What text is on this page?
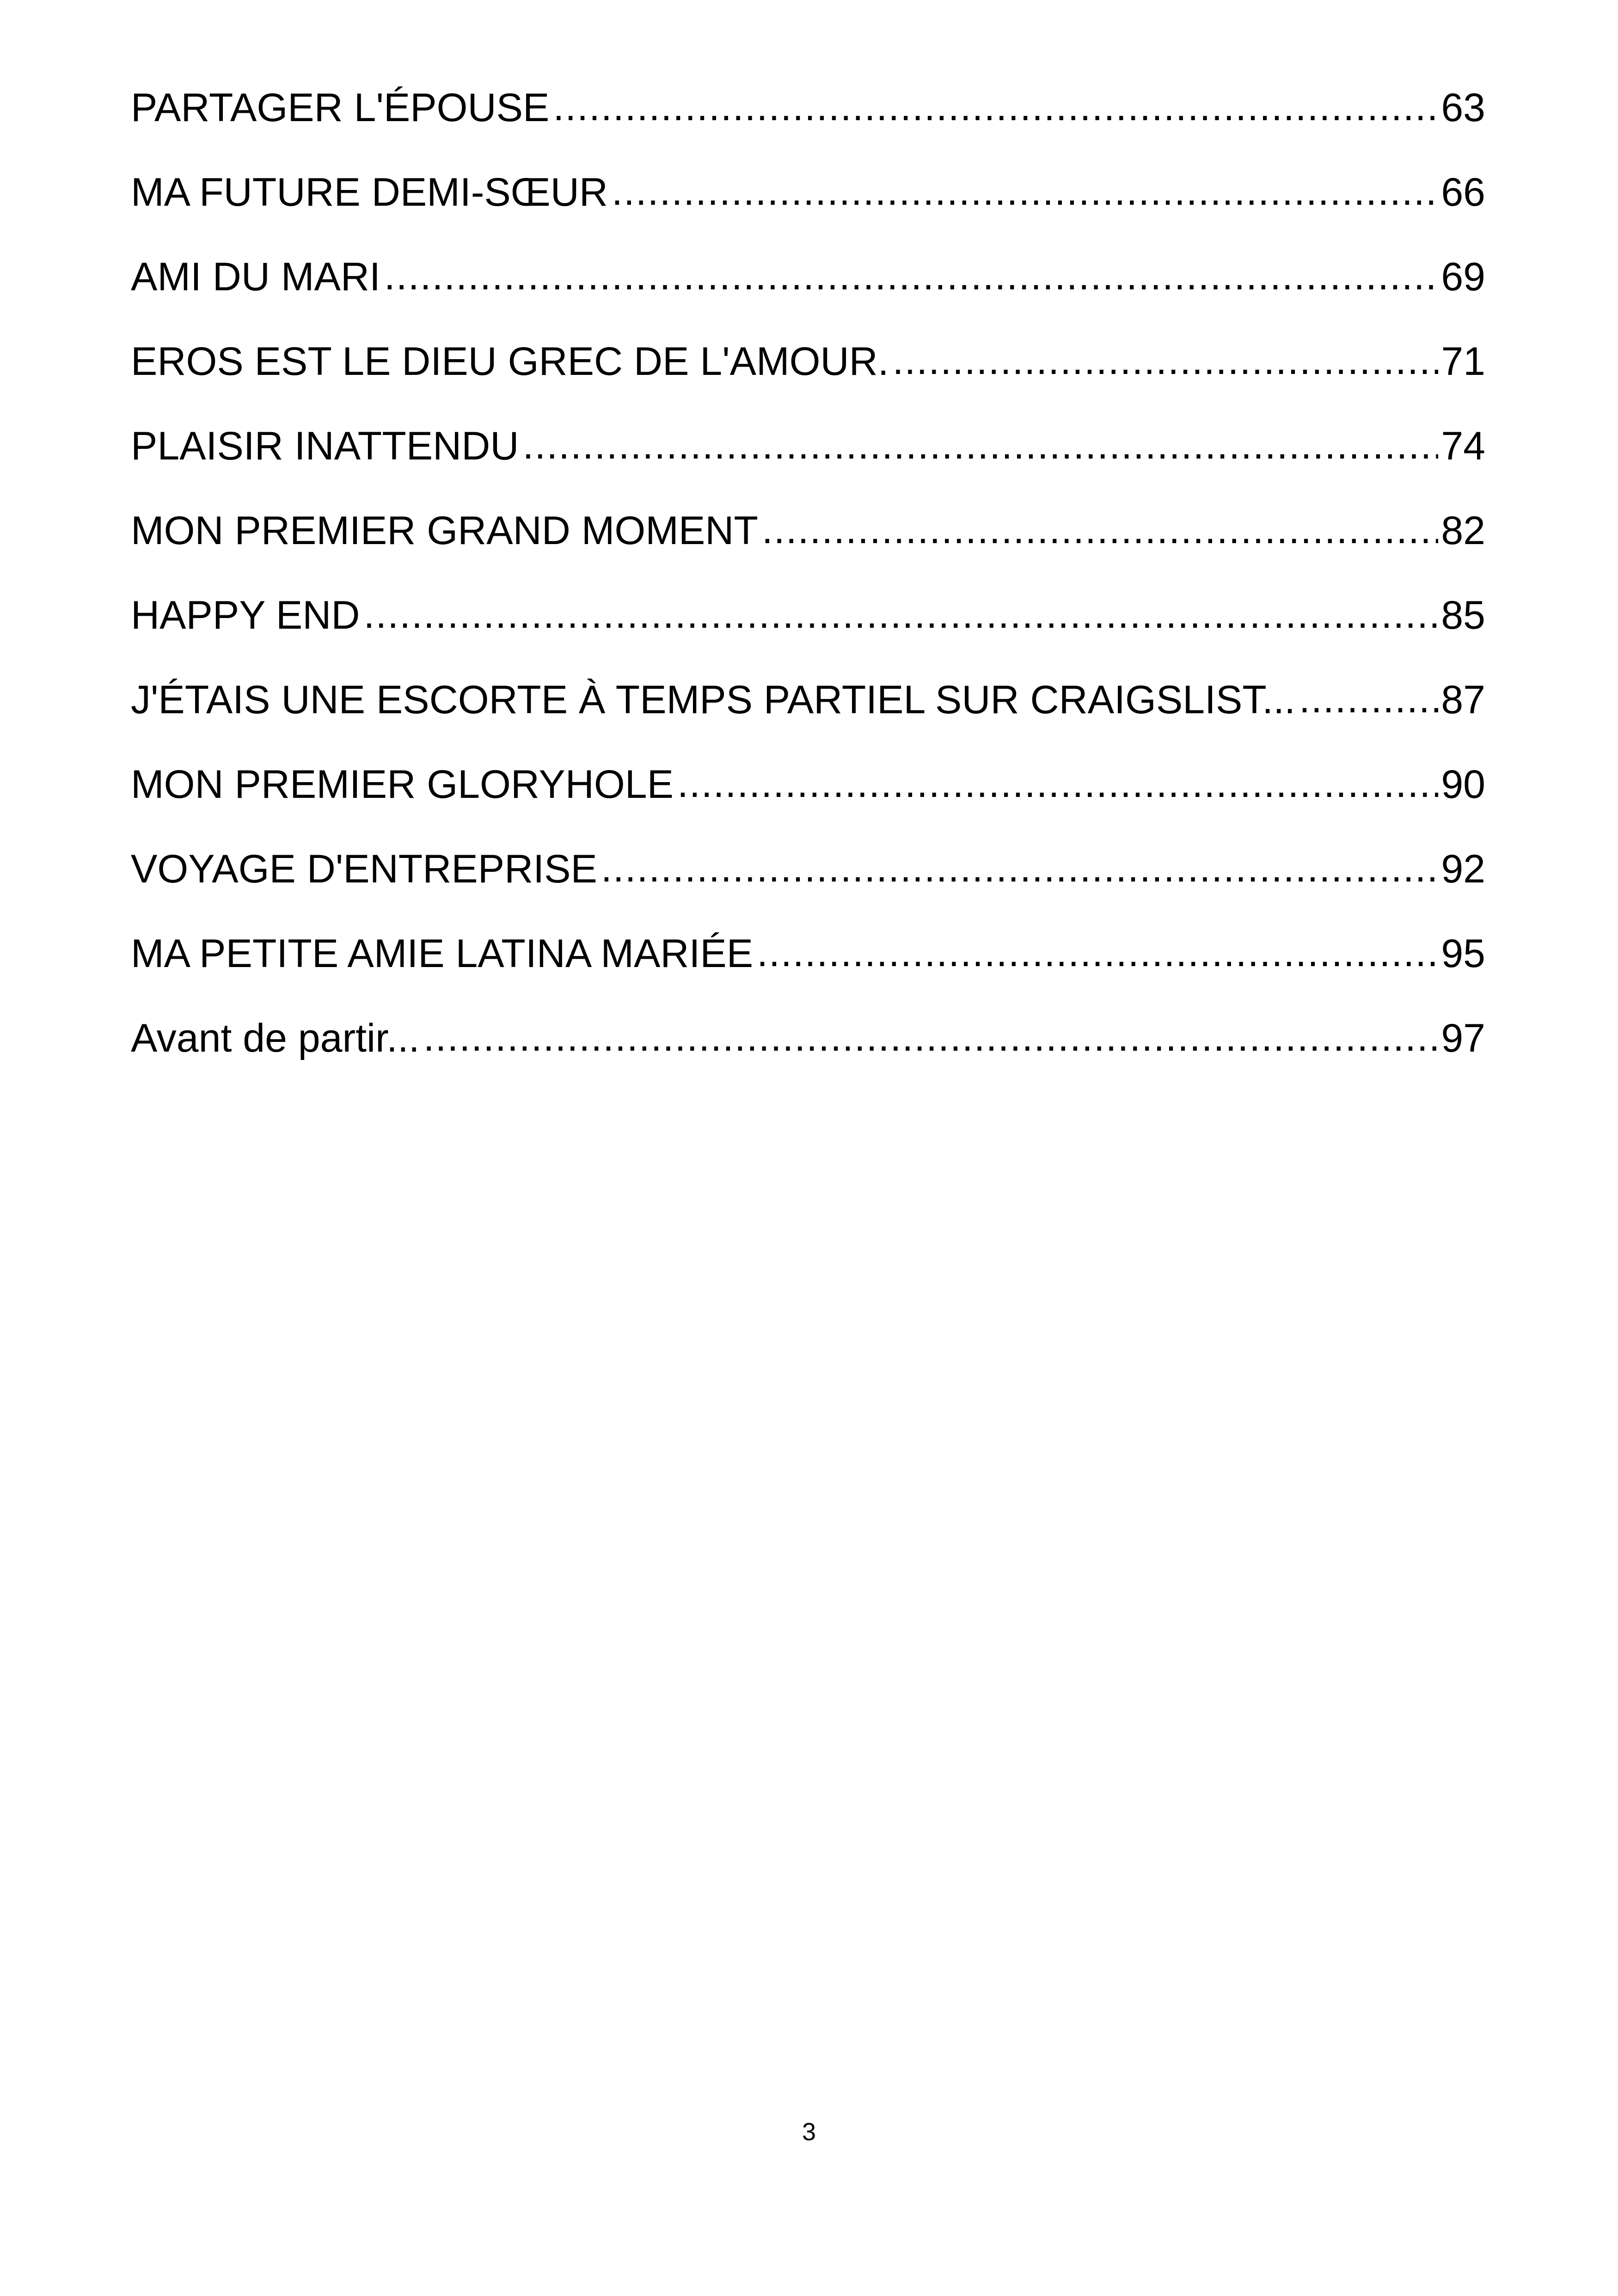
PARTAGER L'ÉPOUSE .....	63
MA FUTURE DEMI-SŒUR .....	66
AMI DU MARI .....	69
EROS EST LE DIEU GREC DE L'AMOUR. .....	71
PLAISIR INATTENDU .....	74
MON PREMIER GRAND MOMENT .....	82
HAPPY END .....	85
J'ÉTAIS UNE ESCORTE À TEMPS PARTIEL SUR CRAIGSLIST... .....	87
MON PREMIER GLORYHOLE .....	90
VOYAGE D'ENTREPRISE .....	92
MA PETITE AMIE LATINA MARIÉE .....	95
Avant de partir... .....	97
3
